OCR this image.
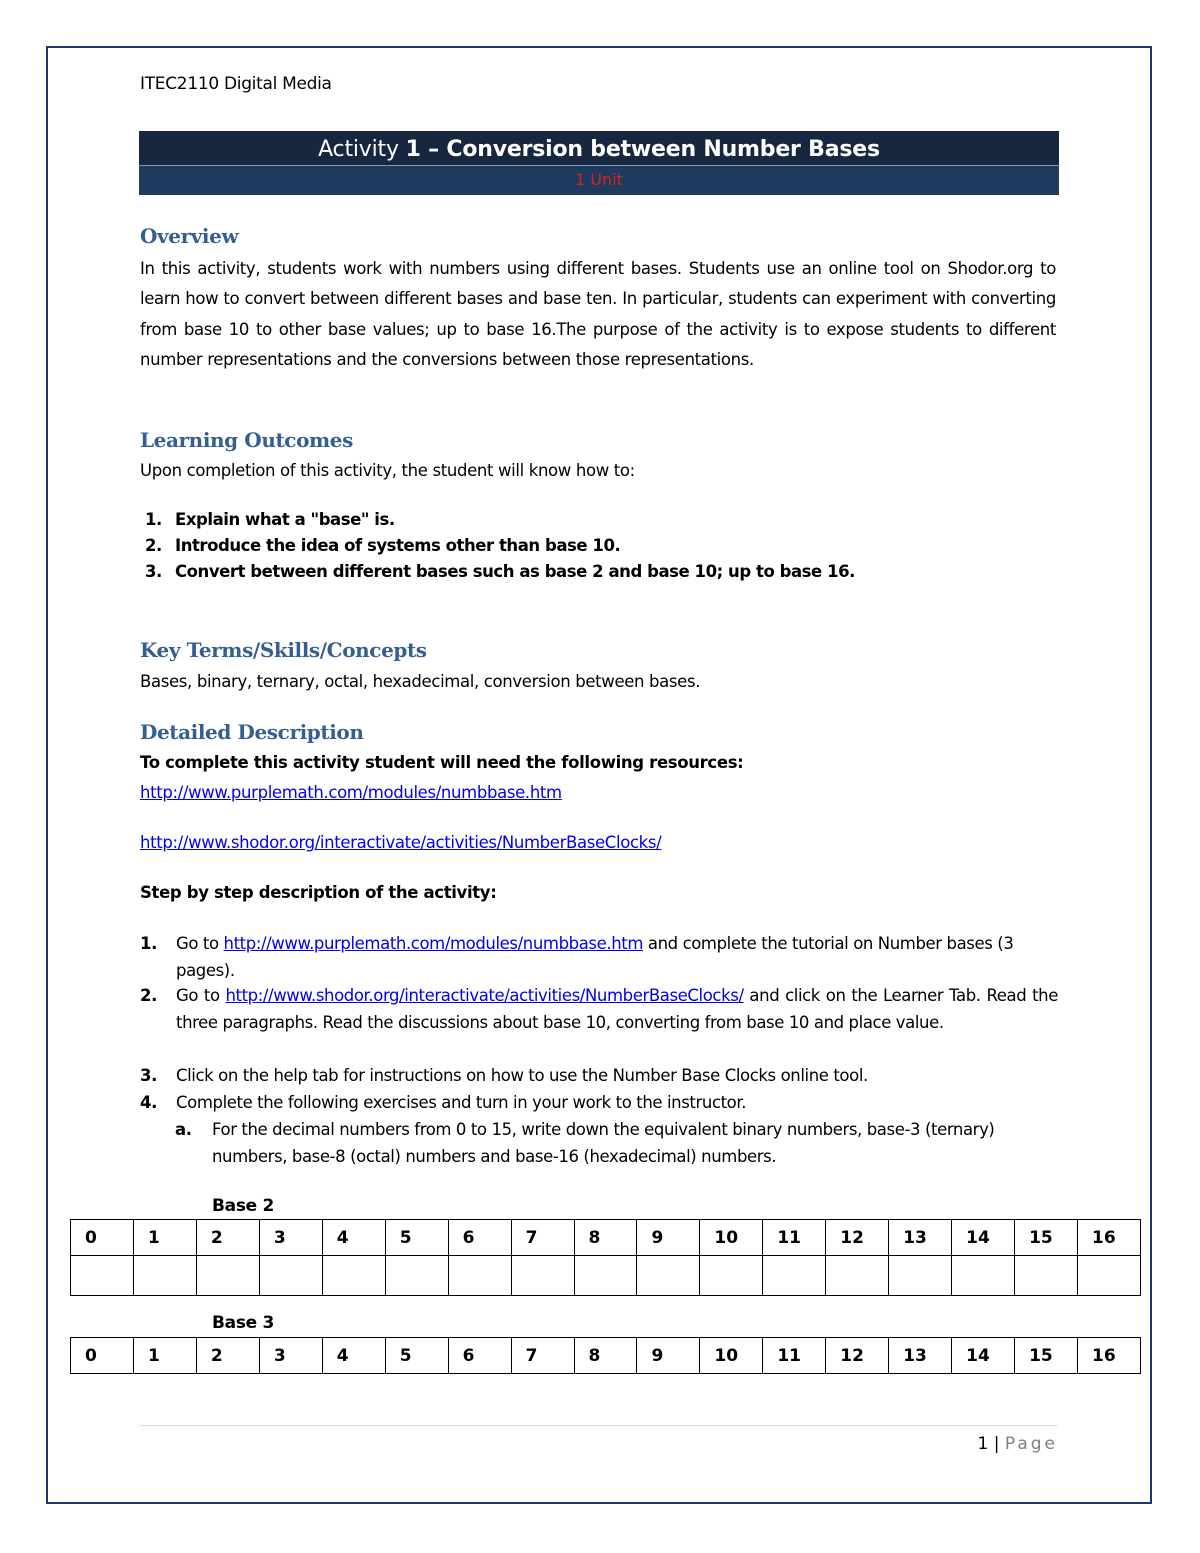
ITEC2110 Digital Media
Activity 1 – Conversion between Number Bases
1 Unit
Overview
In this activity, students work with numbers using different bases. Students use an online tool on Shodor.org to learn how to convert between different bases and base ten. In particular, students can experiment with converting from base 10 to other base values; up to base 16.The purpose of the activity is to expose students to different number representations and the conversions between those representations.
Learning Outcomes
Upon completion of this activity, the student will know how to:
1. Explain what a "base" is.
2. Introduce the idea of systems other than base 10.
3. Convert between different bases such as base 2 and base 10; up to base 16.
Key Terms/Skills/Concepts
Bases, binary, ternary, octal, hexadecimal, conversion between bases.
Detailed Description
To complete this activity student will need the following resources:
http://www.purplemath.com/modules/numbbase.htm
http://www.shodor.org/interactivate/activities/NumberBaseClocks/
Step by step description of the activity:
1. Go to http://www.purplemath.com/modules/numbbase.htm and complete the tutorial on Number bases (3 pages).
2. Go to http://www.shodor.org/interactivate/activities/NumberBaseClocks/ and click on the Learner Tab. Read the three paragraphs. Read the discussions about base 10, converting from base 10 and place value.
3. Click on the help tab for instructions on how to use the Number Base Clocks online tool.
4. Complete the following exercises and turn in your work to the instructor.
a. For the decimal numbers from 0 to 15, write down the equivalent binary numbers, base-3 (ternary) numbers, base-8 (octal) numbers and base-16 (hexadecimal) numbers.
Base 2
0	1	2	3	4	5	6	7	8	9	10	11	12	13	14	15	16

Base 3
0	1	2	3	4	5	6	7	8	9	10	11	12	13	14	15	16
1 | Page
